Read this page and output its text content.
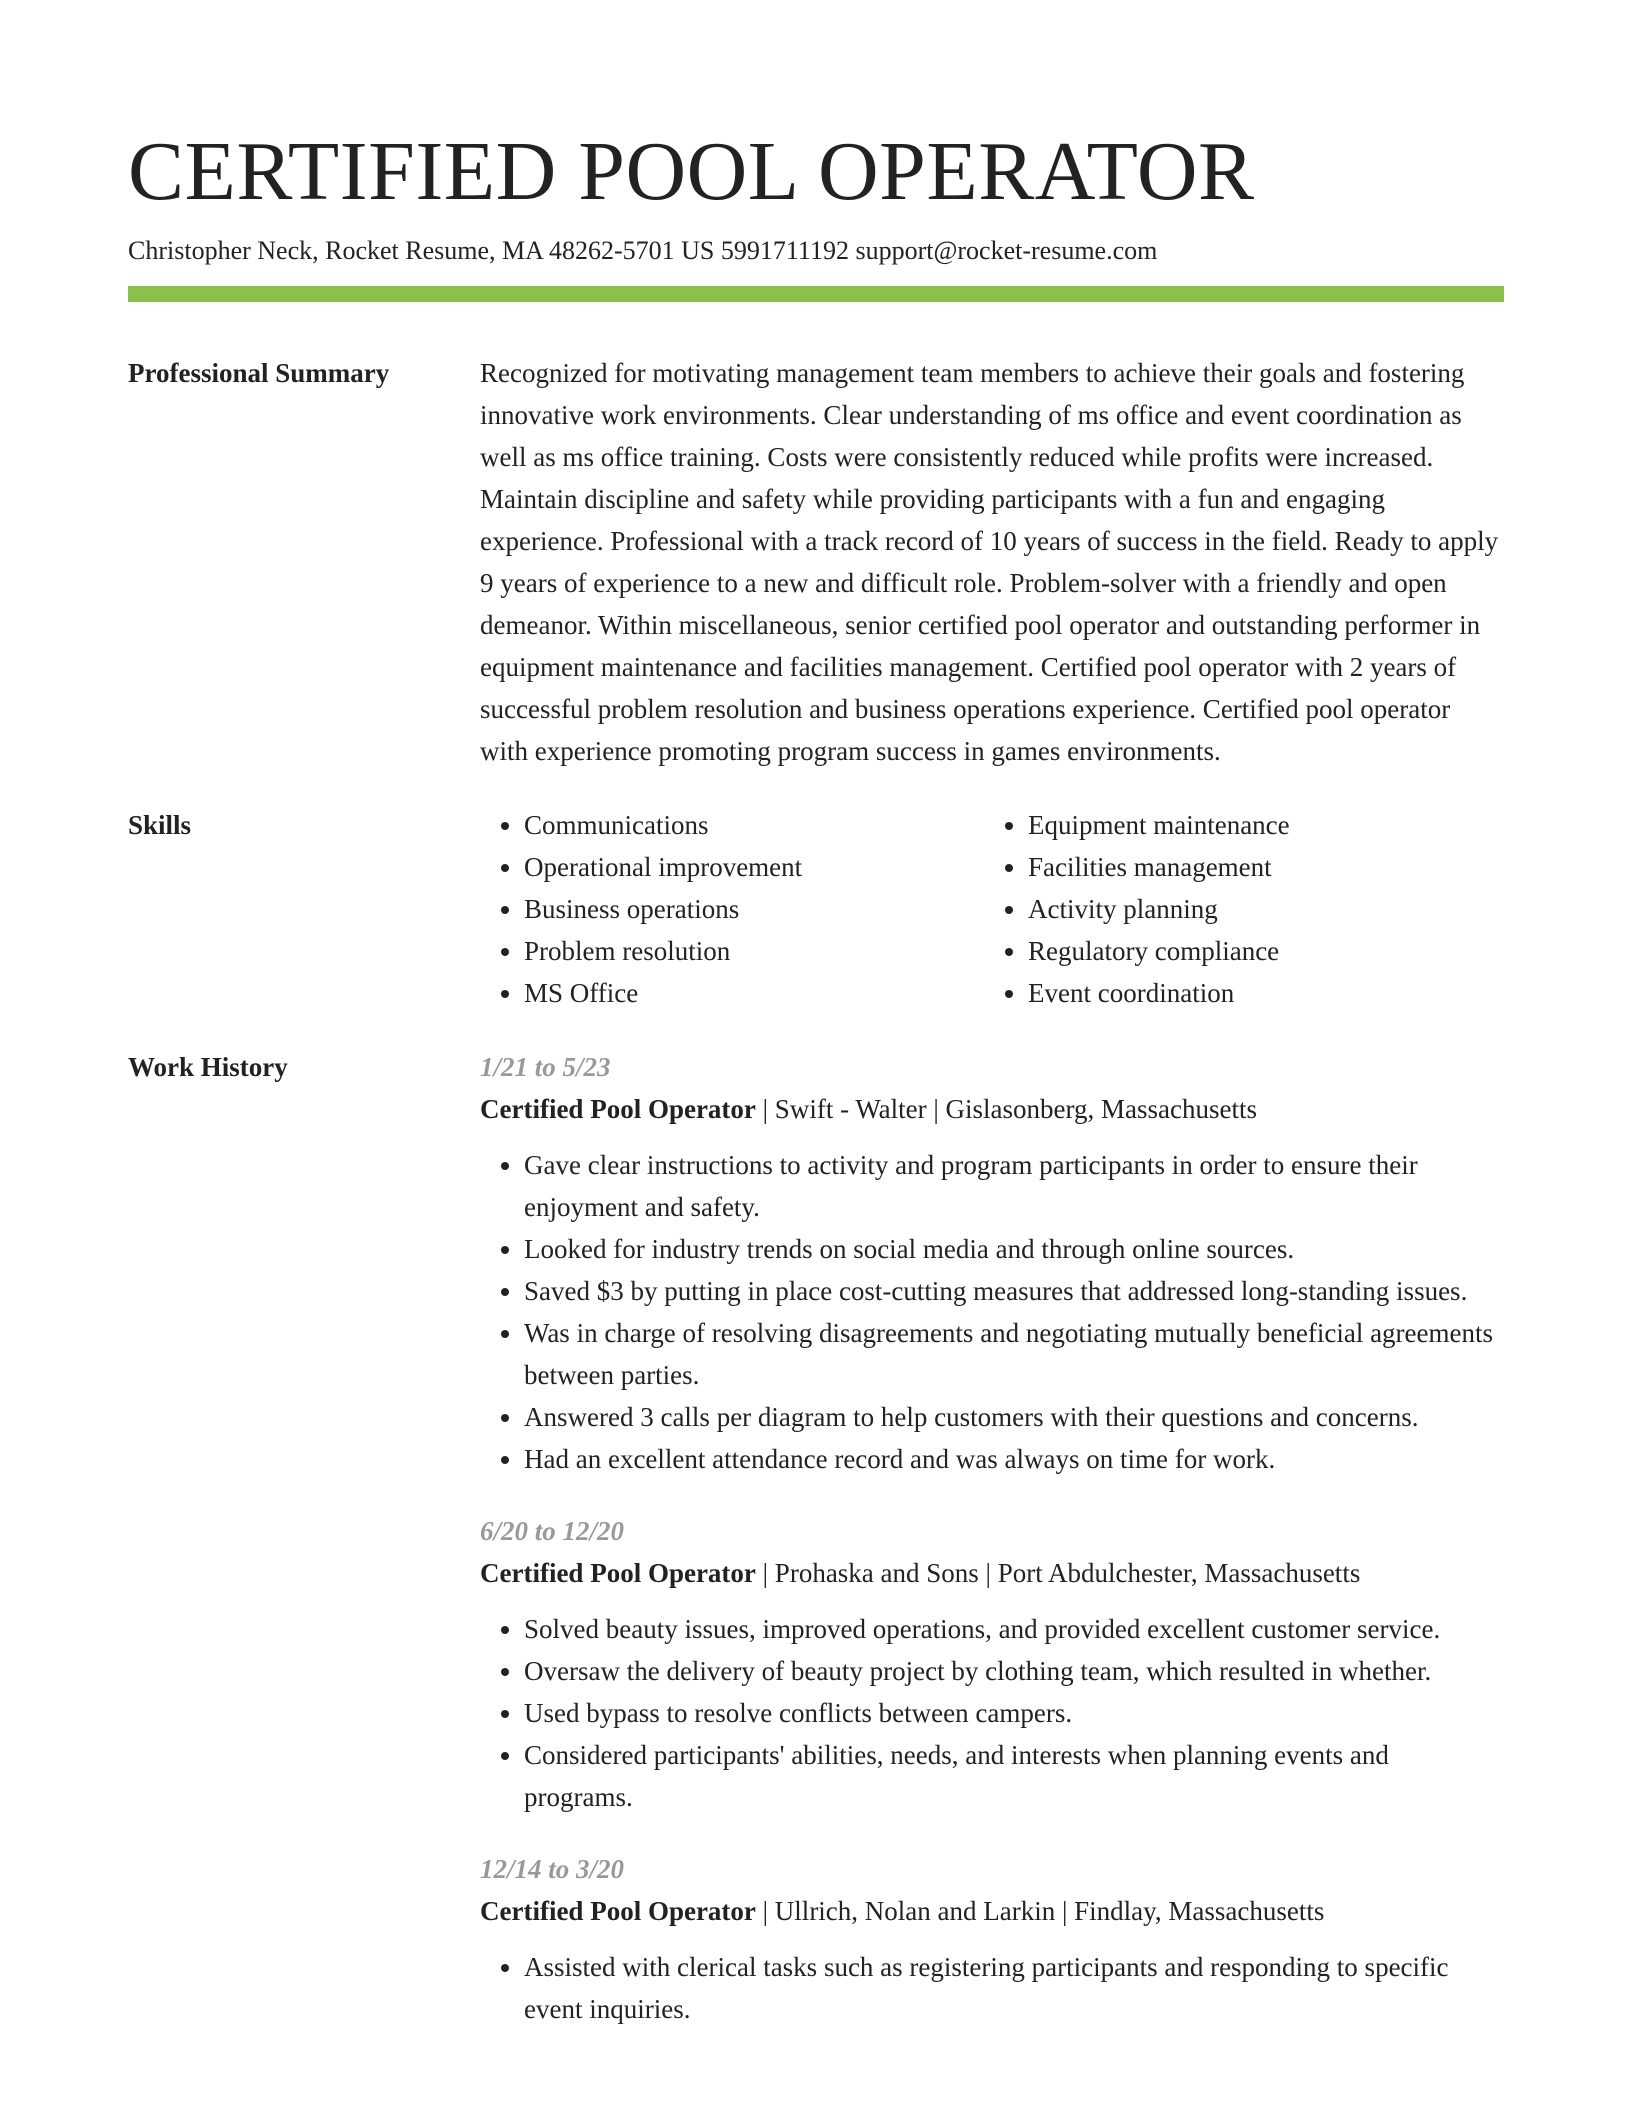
CERTIFIED POOL OPERATOR
Christopher Neck, Rocket Resume, MA 48262-5701 US 5991711192 support@rocket-resume.com
Professional Summary	Recognized for motivating management team members to achieve their goals and fostering innovative work environments. Clear understanding of ms office and event coordination as well as ms office training. Costs were consistently reduced while profits were increased. Maintain discipline and safety while providing participants with a fun and engaging experience. Professional with a track record of 10 years of success in the field. Ready to apply 9 years of experience to a new and difficult role. Problem-solver with a friendly and open demeanor. Within miscellaneous, senior certified pool operator and outstanding performer in equipment maintenance and facilities management. Certified pool operator with 2 years of successful problem resolution and business operations experience. Certified pool operator with experience promoting program success in games environments.
Skills
•	Communications
• Operational improvement
• Business operations
• Problem resolution
• MS Office
• Equipment maintenance
• Facilities management
• Activity planning
• Regulatory compliance
• Event coordination
Work History	1/21 to 5/23
Certified Pool Operator | Swift - Walter | Gislasonberg, Massachusetts
• Gave clear instructions to activity and program participants in order to ensure their enjoyment and safety.
• Looked for industry trends on social media and through online sources.
• Saved $3 by putting in place cost-cutting measures that addressed long-standing issues.
• Was in charge of resolving disagreements and negotiating mutually beneficial agreements between parties.
• Answered 3 calls per diagram to help customers with their questions and concerns.
• Had an excellent attendance record and was always on time for work.
6/20 to 12/20
Certified Pool Operator | Prohaska and Sons | Port Abdulchester, Massachusetts
• Solved beauty issues, improved operations, and provided excellent customer service.
• Oversaw the delivery of beauty project by clothing team, which resulted in whether.
• Used bypass to resolve conflicts between campers.
• Considered participants' abilities, needs, and interests when planning events and programs.
12/14 to 3/20
Certified Pool Operator | Ullrich, Nolan and Larkin | Findlay, Massachusetts
• Assisted with clerical tasks such as registering participants and responding to specific event inquiries.
